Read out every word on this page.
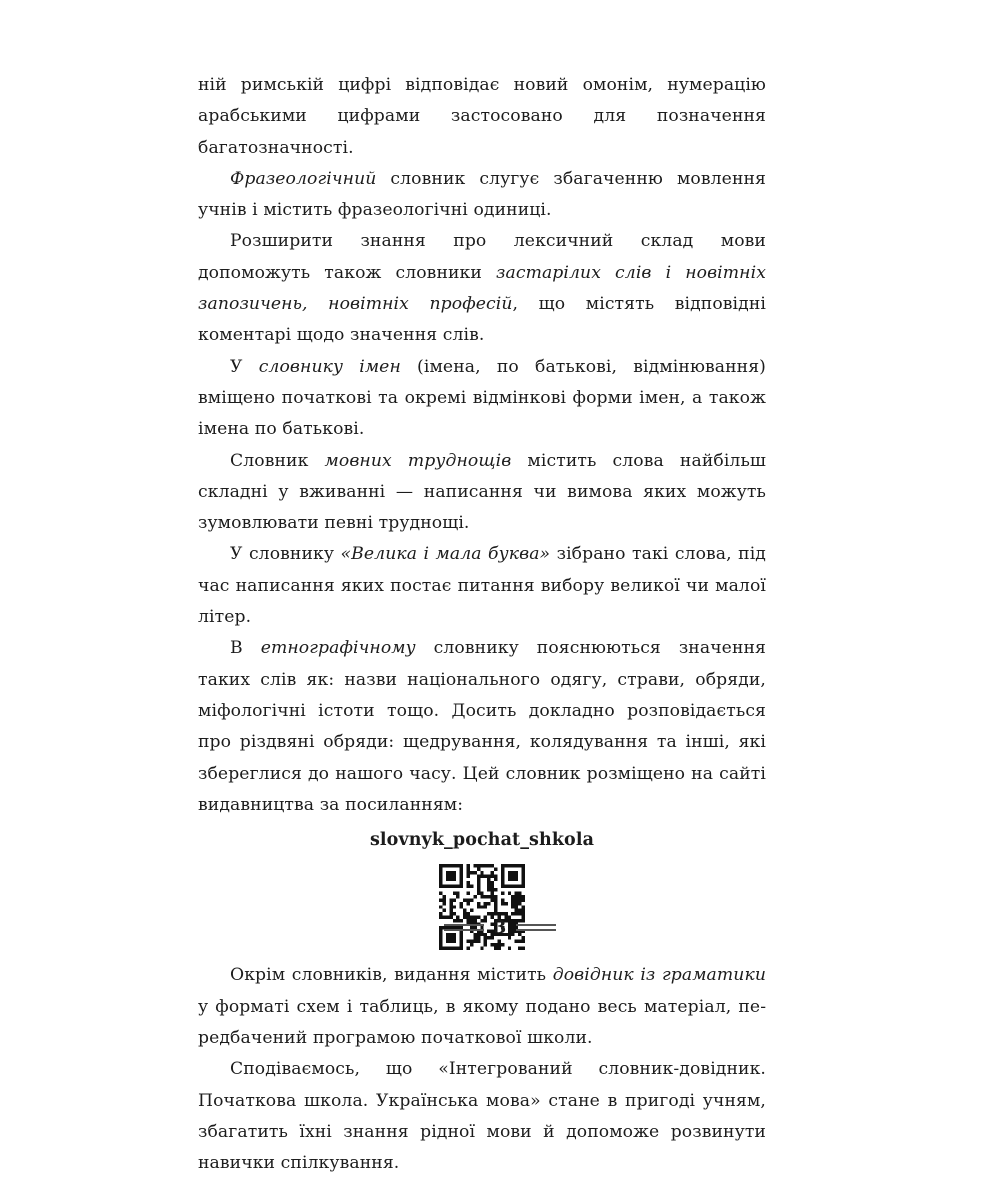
ній римській цифрі відповідає новий омонім, нумерацію арабськими цифрами застосовано для позначення багатозначності.

Фразеологічний словник слугує збагаченню мовлення учнів і містить фразеологічні одиниці.

Розширити знання про лексичний склад мови допоможуть також словники застарілих слів і новітніх запозичень, новітніх професій, що містять відповідні коментарі щодо значення слів.

У словнику імен (імена, по батькові, відмінювання) вміщено початкові та окремі відмінкові форми імен, а також імена по батькові.

Словник мовних труднощів містить слова найбільш складні у вживанні — написання чи вимова яких можуть зумовлювати певні труднощі.

У словнику «Велика і мала буква» зібрано такі слова, під час написання яких постає питання вибору великої чи малої літер.

В етнографічному словнику пояснюються значення таких слів як: назви національного одягу, страви, обряди, міфологічні істоти тощо. Досить докладно розповідається про різдвяні обряди: щедрування, колядування та інші, які збереглися до нашого часу. Цей словник розміщено на сайті видавництва за посиланням:

slovnyk_pochat_shkola

Окрім словників, видання містить довідник із граматики у форматі схем і таблиць, в якому подано весь матеріал, передбачений програмою початкової школи.

Сподіваємось, що «Інтегрований словник-довідник. Початкова школа. Українська мова» стане в пригоді учням, збагатить їхні знання рідної мови й допоможе розвинути навички спілкування.

3
